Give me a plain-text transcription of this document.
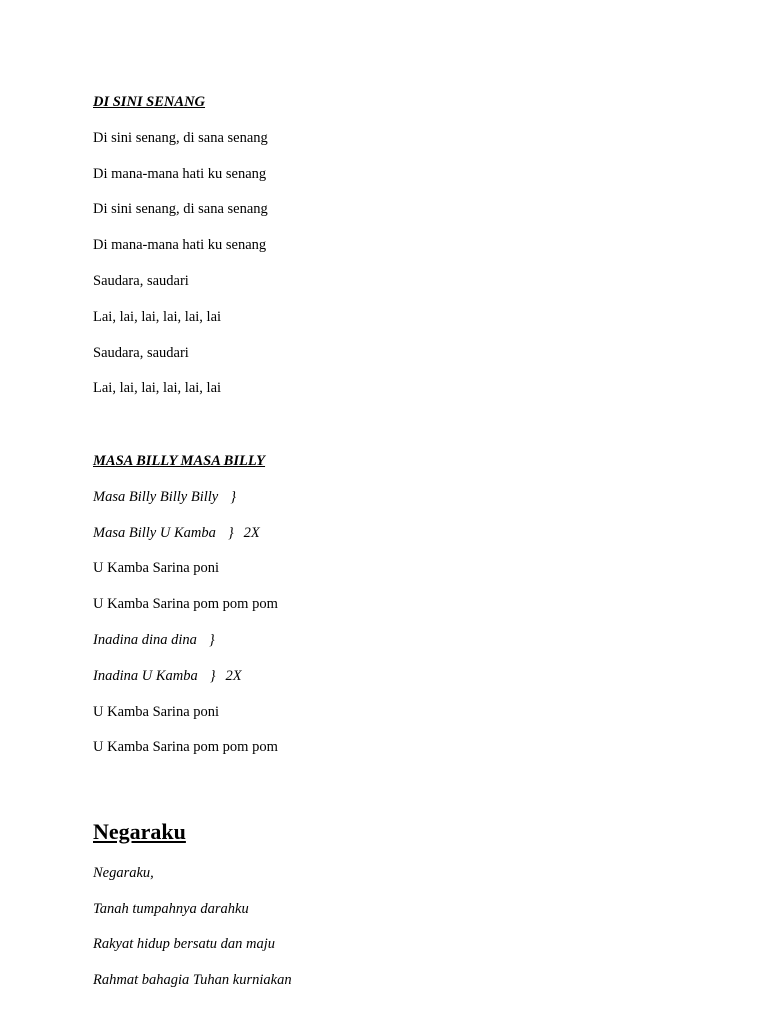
DI SINI SENANG
Di sini senang, di sana senang
Di mana-mana hati ku senang
Di sini senang, di sana senang
Di mana-mana hati ku senang
Saudara, saudari
Lai, lai, lai, lai, lai, lai
Saudara, saudari
Lai, lai, lai, lai, lai, lai
MASA BILLY MASA BILLY
Masa Billy Billy Billy }
Masa Billy U Kamba } 2X
U Kamba Sarina poni
U Kamba Sarina pom pom pom
Inadina dina dina }
Inadina U Kamba } 2X
U Kamba Sarina poni
U Kamba Sarina pom pom pom
Negaraku
Negaraku,
Tanah tumpahnya darahku
Rakyat hidup bersatu dan maju
Rahmat bahagia Tuhan kurniakan
